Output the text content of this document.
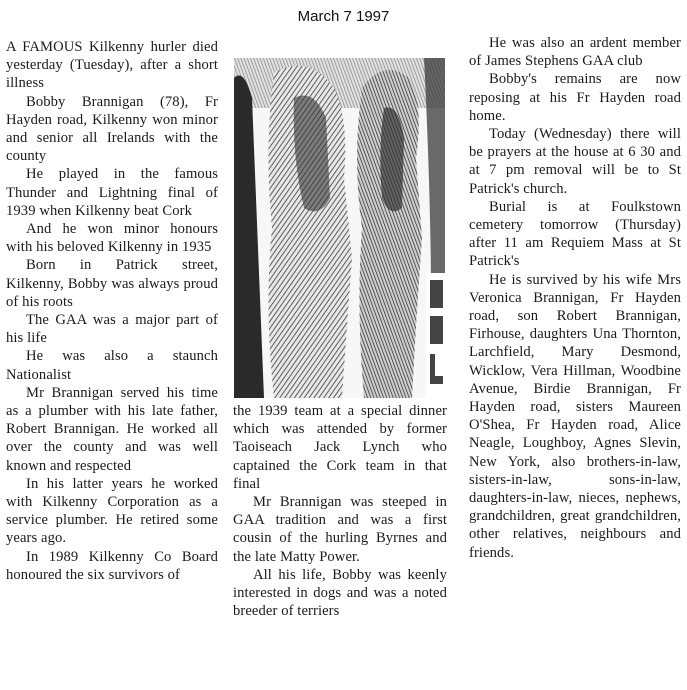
March 7 1997

A FAMOUS Kilkenny hurler died yesterday (Tuesday), after a short illness

Bobby Brannigan (78), Fr Hayden road, Kilkenny won minor and senior all Irelands with the county

He played in the famous Thunder and Lightning final of 1939 when Kilkenny beat Cork

And he won minor honours with his beloved Kilkenny in 1935

Born in Patrick street, Kilkenny, Bobby was always proud of his roots

The GAA was a major part of his life

He was also a staunch Nationalist

Mr Brannigan served his time as a plumber with his late father, Robert Brannigan. He worked all over the county and was well known and respected

In his latter years he worked with Kilkenny Corporation as a service plumber. He retired some years ago.

In 1989 Kilkenny Co Board honoured the six survivors of

the 1939 team at a special dinner which was attended by former Taoiseach Jack Lynch who captained the Cork team in that final

Mr Brannigan was steeped in GAA tradition and was a first cousin of the hurling Byrnes and the late Matty Power.

All his life, Bobby was keenly interested in dogs and was a noted breeder of terriers

He was also an ardent member of James Stephens GAA club

Bobby's remains are now reposing at his Fr Hayden road home.

Today (Wednesday) there will be prayers at the house at 6 30 and at 7 pm removal will be to St Patrick's church.

Burial is at Foulkstown cemetery tomorrow (Thursday) after 11 am Requiem Mass at St Patrick's

He is survived by his wife Mrs Veronica Brannigan, Fr Hayden road, son Robert Brannigan, Firhouse, daughters Una Thornton, Larchfield, Mary Desmond, Wicklow, Vera Hillman, Woodbine Avenue, Birdie Brannigan, Fr Hayden road, sisters Maureen O'Shea, Fr Hayden road, Alice Neagle, Loughboy, Agnes Slevin, New York, also brothers-in-law, sisters-in-law, sons-in-law, daughters-in-law, nieces, nephews, grandchildren, great grandchildren, other relatives, neighbours and friends.
